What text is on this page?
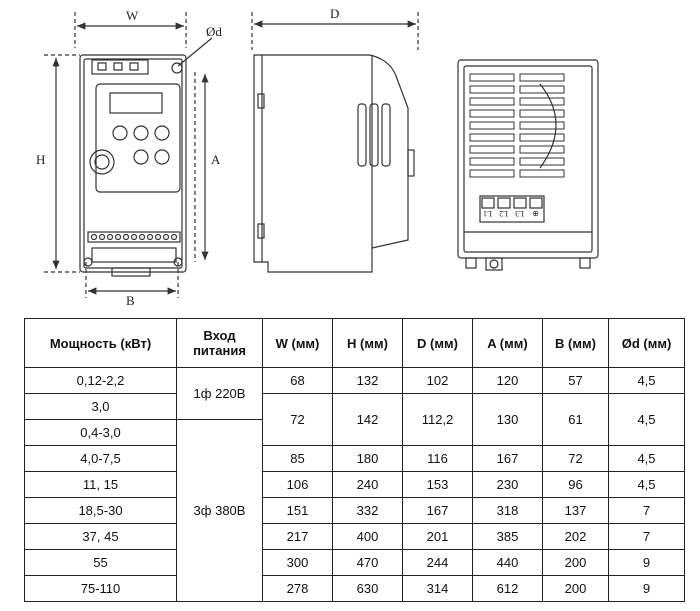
W
Ød
H	A
B
D
L1 L2 L3 ⊕
Мощность (кВт)	Вход питания	W (мм)	H (мм)	D (мм)	A (мм)	B (мм)	Ød (мм)
0,12-2,2	1ф 220В	68	132	102	120	57	4,5
3,0		72	142	112,2	130	61	4,5
0,4-3,0	3ф 380В						
4,0-7,5		85	180	116	167	72	4,5
11, 15		106	240	153	230	96	4,5
18,5-30		151	332	167	318	137	7
37, 45		217	400	201	385	202	7
55		300	470	244	440	200	9
75-110		278	630	314	612	200	9
